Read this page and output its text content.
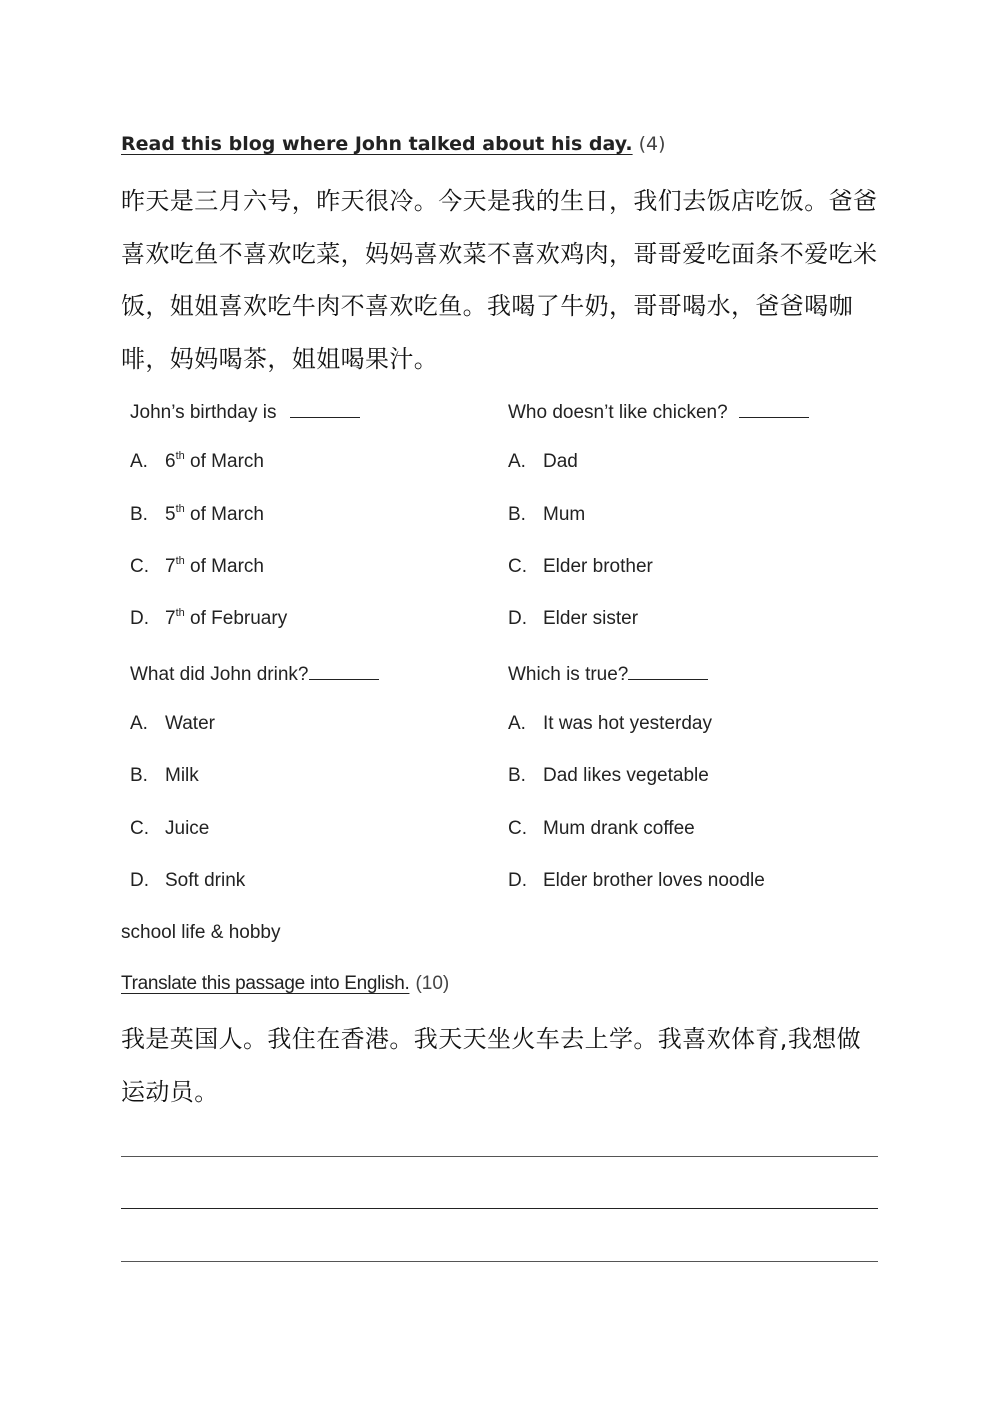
Read this blog where John talked about his day. (4)
昨天是三月六号，昨天很冷。今天是我的生日，我们去饭店吃饭。爸爸喜欢吃鱼不喜欢吃菜，妈妈喜欢菜不喜欢鸡肉，哥哥爱吃面条不爱吃米饭，姐姐喜欢吃牛肉不喜欢吃鱼。我喝了牛奶，哥哥喝水，爸爸喝咖啡，妈妈喝茶，姐姐喝果汁。
John’s birthday is
A. 6th of March
B. 5th of March
C. 7th of March
D. 7th of February
Who doesn’t like chicken?
A. Dad
B. Mum
C. Elder brother
D. Elder sister
What did John drink?
A. Water
B. Milk
C. Juice
D. Soft drink
Which is true?
A. It was hot yesterday
B. Dad likes vegetable
C. Mum drank coffee
D. Elder brother loves noodle
school life & hobby
Translate this passage into English. (10)
我是英国人。我住在香港。我天天坐火车去上学。我喜欢体育,我想做运动员。
